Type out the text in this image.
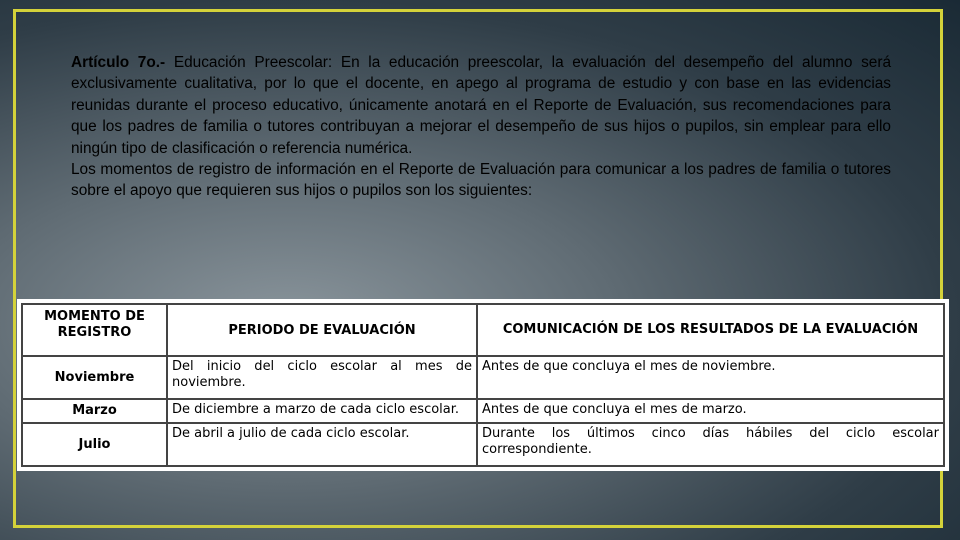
Artículo 7o.- Educación Preescolar: En la educación preescolar, la evaluación del desempeño del alumno será exclusivamente cualitativa, por lo que el docente, en apego al programa de estudio y con base en las evidencias reunidas durante el proceso educativo, únicamente anotará en el Reporte de Evaluación, sus recomendaciones para que los padres de familia o tutores contribuyan a mejorar el desempeño de sus hijos o pupilos, sin emplear para ello ningún tipo de clasificación o referencia numérica.

Los momentos de registro de información en el Reporte de Evaluación para comunicar a los padres de familia o tutores sobre el apoyo que requieren sus hijos o pupilos son los siguientes:

MOMENTO DE REGISTRO	PERIODO DE EVALUACIÓN	COMUNICACIÓN DE LOS RESULTADOS DE LA EVALUACIÓN
Noviembre	Del inicio del ciclo escolar al mes de noviembre.	Antes de que concluya el mes de noviembre.
Marzo	De diciembre a marzo de cada ciclo escolar.	Antes de que concluya el mes de marzo.
Julio	De abril a julio de cada ciclo escolar.	Durante los últimos cinco días hábiles del ciclo escolar correspondiente.
